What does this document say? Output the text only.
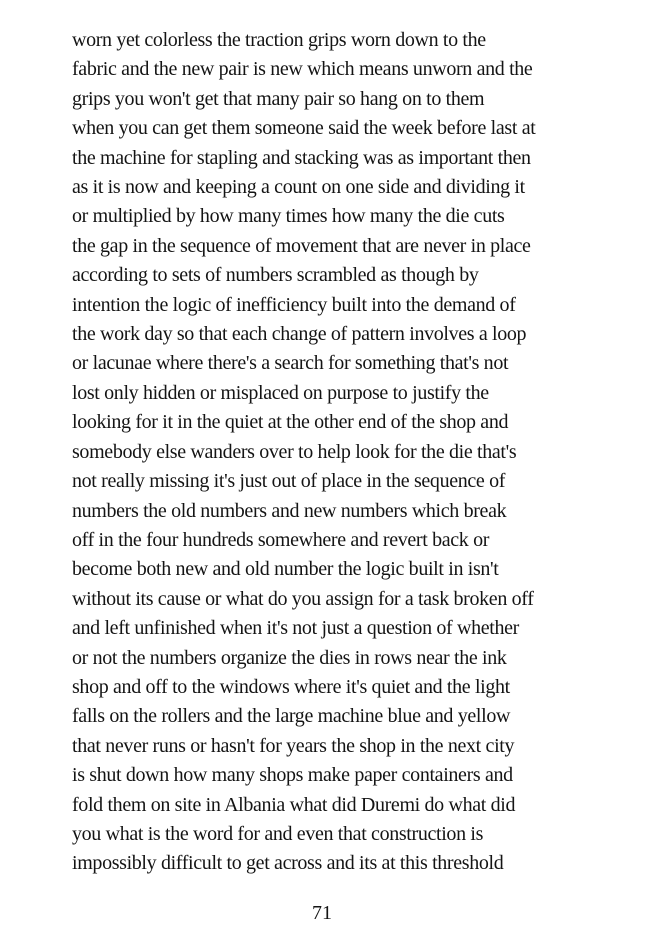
worn yet colorless the traction grips worn down to the
fabric and the new pair is new which means unworn and the
grips you won't get that many pair so hang on to them
when you can get them someone said the week before last at
the machine for stapling and stacking was as important then
as it is now and keeping a count on one side and dividing it
or multiplied by how many times how many the die cuts
the gap in the sequence of movement that are never in place
according to sets of numbers scrambled as though by
intention the logic of inefficiency built into the demand of
the work day so that each change of pattern involves a loop
or lacunae where there's a search for something that's not
lost only hidden or misplaced on purpose to justify the
looking for it in the quiet at the other end of the shop and
somebody else wanders over to help look for the die that's
not really missing it's just out of place in the sequence of
numbers the old numbers and new numbers which break
off in the four hundreds somewhere and revert back or
become both new and old number the logic built in isn't
without its cause or what do you assign for a task broken off
and left unfinished when it's not just a question of whether
or not the numbers organize the dies in rows near the ink
shop and off to the windows where it's quiet and the light
falls on the rollers and the large machine blue and yellow
that never runs or hasn't for years the shop in the next city
is shut down how many shops make paper containers and
fold them on site in Albania what did Duremi do what did
you what is the word for and even that construction is
impossibly difficult to get across and its at this threshold
71
